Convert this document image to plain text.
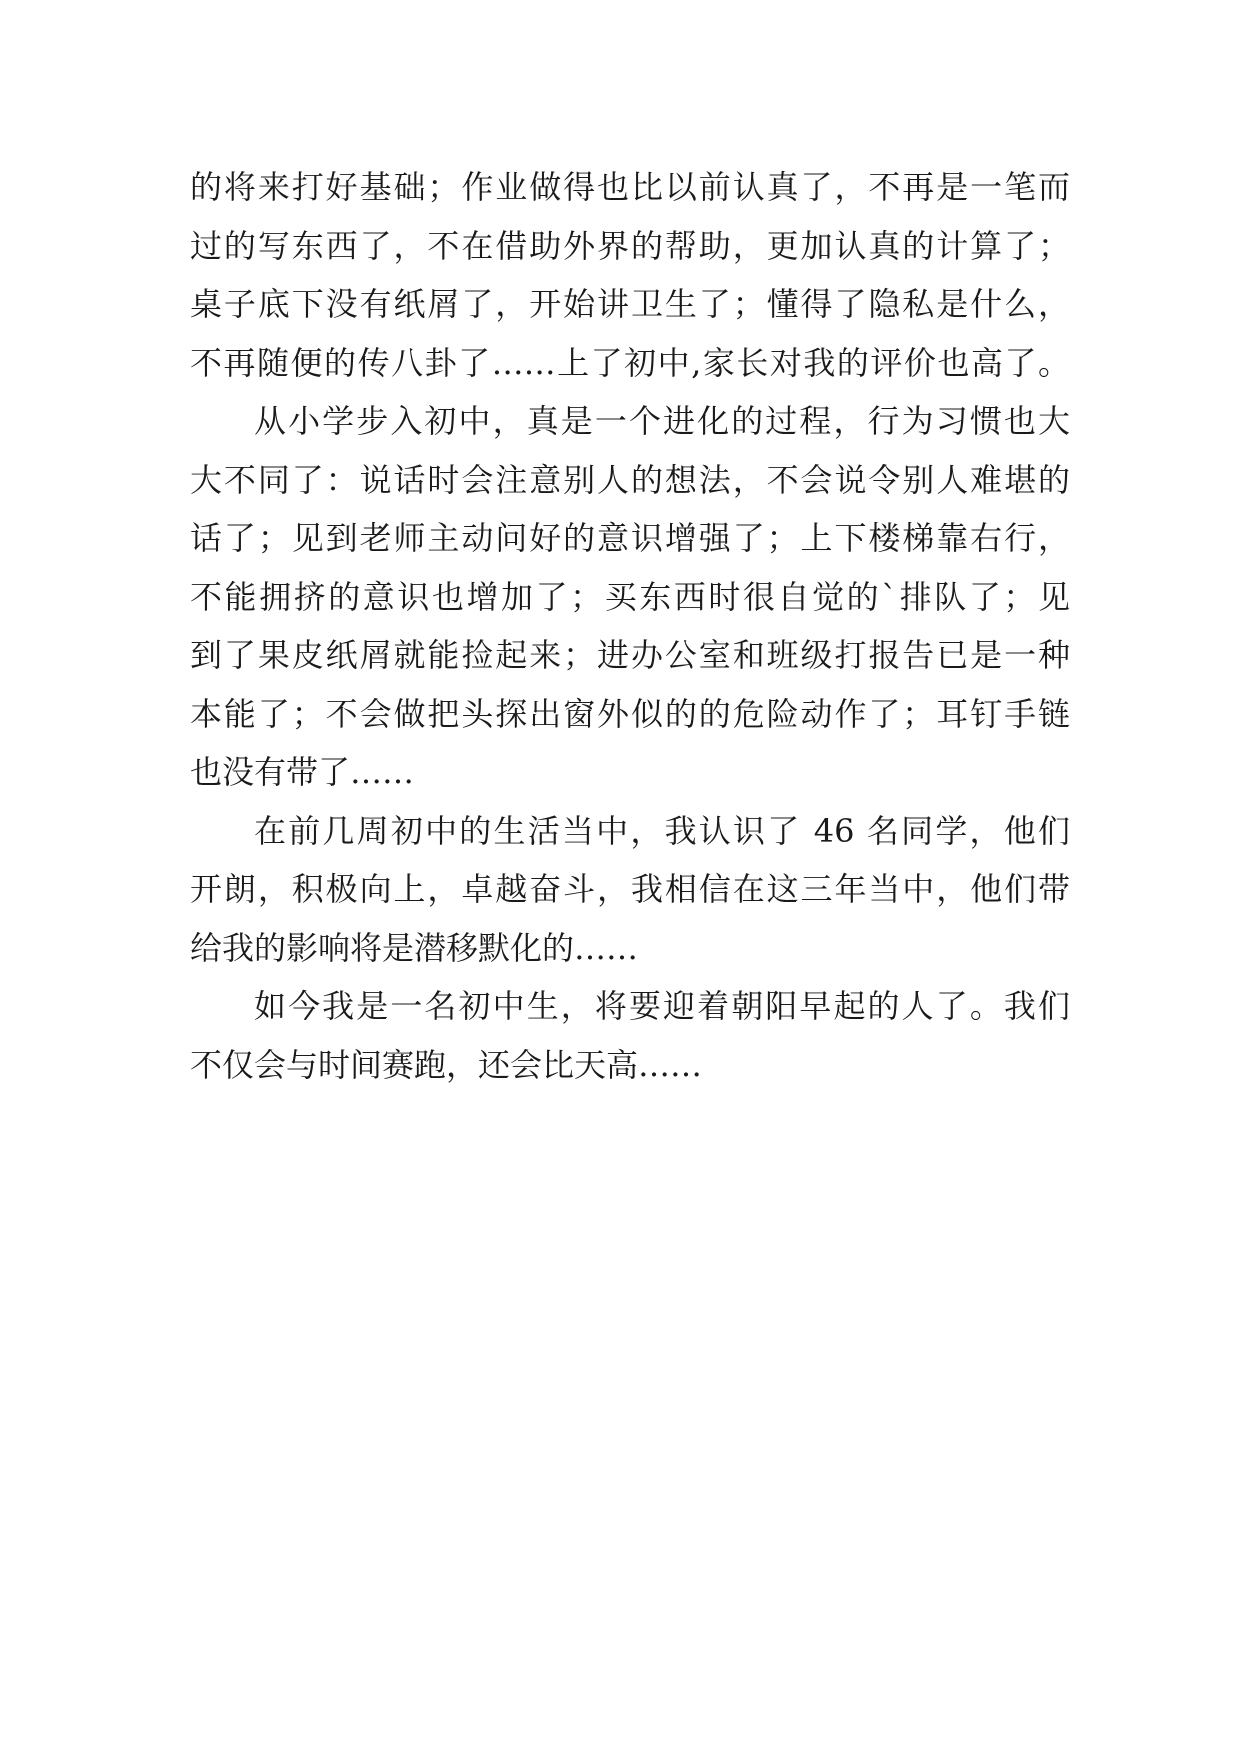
的将来打好基础；作业做得也比以前认真了，不再是一笔而
过的写东西了，不在借助外界的帮助，更加认真的计算了；
桌子底下没有纸屑了，开始讲卫生了；懂得了隐私是什么，
不再随便的传八卦了……上了初中,家长对我的评价也高了。
从小学步入初中，真是一个进化的过程，行为习惯也大
大不同了：说话时会注意别人的想法，不会说令别人难堪的
话了；见到老师主动问好的意识增强了；上下楼梯靠右行，
不能拥挤的意识也增加了；买东西时很自觉的`排队了；见
到了果皮纸屑就能捡起来；进办公室和班级打报告已是一种
本能了；不会做把头探出窗外似的的危险动作了；耳钉手链
也没有带了……
在前几周初中的生活当中，我认识了 46 名同学，他们
开朗，积极向上，卓越奋斗，我相信在这三年当中，他们带
给我的影响将是潜移默化的……
如今我是一名初中生，将要迎着朝阳早起的人了。我们
不仅会与时间赛跑，还会比天高……
